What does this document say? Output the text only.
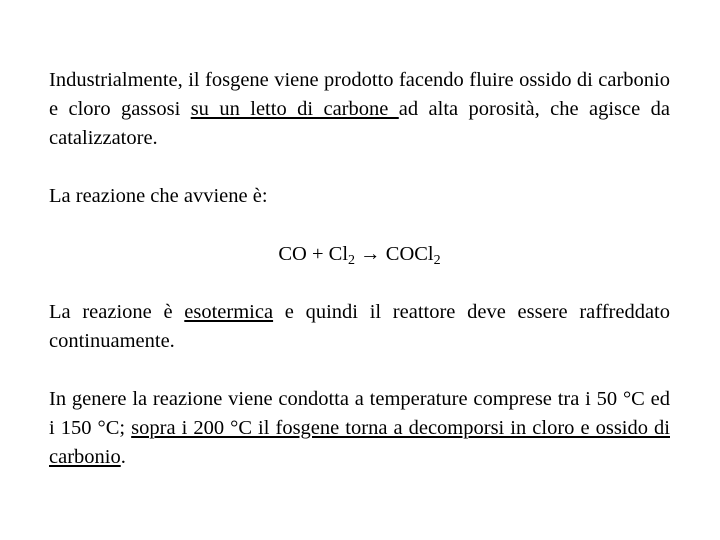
Industrialmente, il fosgene viene prodotto facendo fluire ossido di carbonio e cloro gassosi su un letto di carbone ad alta porosità, che agisce da catalizzatore.

La reazione che avviene è:

CO + $Cl_2$ → COCl$_2$

La reazione è esotermica e quindi il reattore deve essere raffreddato continuamente.

In genere la reazione viene condotta a temperature comprese tra i 50 °C ed i 150 °C; sopra i 200 °C il fosgene torna a decomporsi in cloro e ossido di carbonio.
